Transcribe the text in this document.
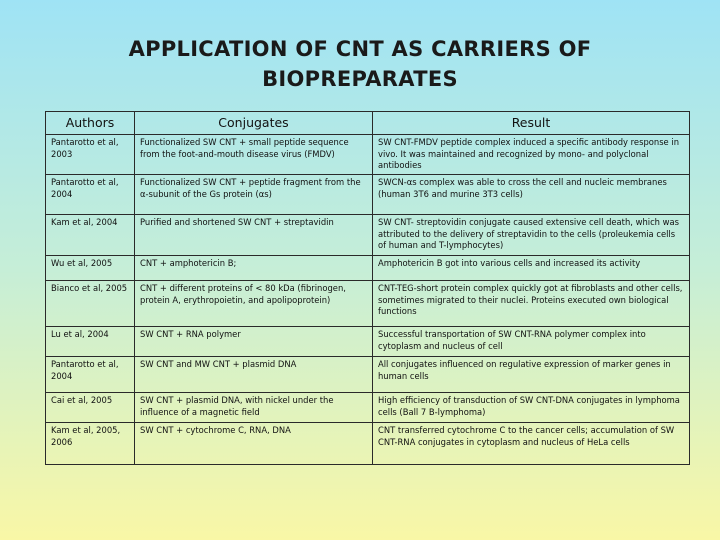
APPLICATION OF CNT AS CARRIERS OF
BIOPREPARATES
Authors	Conjugates	Result
Pantarotto et al, 2003	Functionalized SW CNT + small peptide sequence from the foot-and-mouth disease virus (FMDV)	SW CNT-FMDV peptide complex induced a specific antibody response in vivo. It was maintained and recognized by mono- and polyclonal antibodies
Pantarotto et al, 2004	Functionalized SW CNT + peptide fragment from the α-subunit of the Gs protein (αs)	SWCN-αs complex was able to cross the cell and nucleic membranes (human 3T6 and murine 3T3 cells)
Kam et al, 2004	Purified and shortened SW CNT + streptavidin	SW CNT- streptovidin conjugate caused extensive cell death, which was attributed to the delivery of streptavidin to the cells (proleukemia cells of human and T-lymphocytes)
Wu et al, 2005	CNT + amphotericin B;	Amphotericin B got into various cells and increased its activity
Bianco et al, 2005	CNT + different proteins of < 80 kDa (fibrinogen, protein A, erythropoietin, and apolipoprotein)	CNT-TEG-short protein complex quickly got at fibroblasts and other cells, sometimes migrated to their nuclei. Proteins executed own biological functions
Lu et al, 2004	SW CNT + RNA polymer	Successful transportation of SW CNT-RNA polymer complex into cytoplasm and nucleus of cell
Pantarotto et al, 2004	SW CNT and MW CNT + plasmid DNA	All conjugates influenced on regulative expression of marker genes in human cells
Cai et al, 2005	SW CNT + plasmid DNA, with nickel under the influence of a magnetic field	High efficiency of transduction of SW CNT-DNA conjugates in lymphoma cells (Ball 7 B-lymphoma)
Kam et al, 2005, 2006	SW CNT + cytochrome C, RNA, DNA	CNT transferred cytochrome C to the cancer cells; accumulation of SW CNT-RNA conjugates in cytoplasm and nucleus of HeLa cells
